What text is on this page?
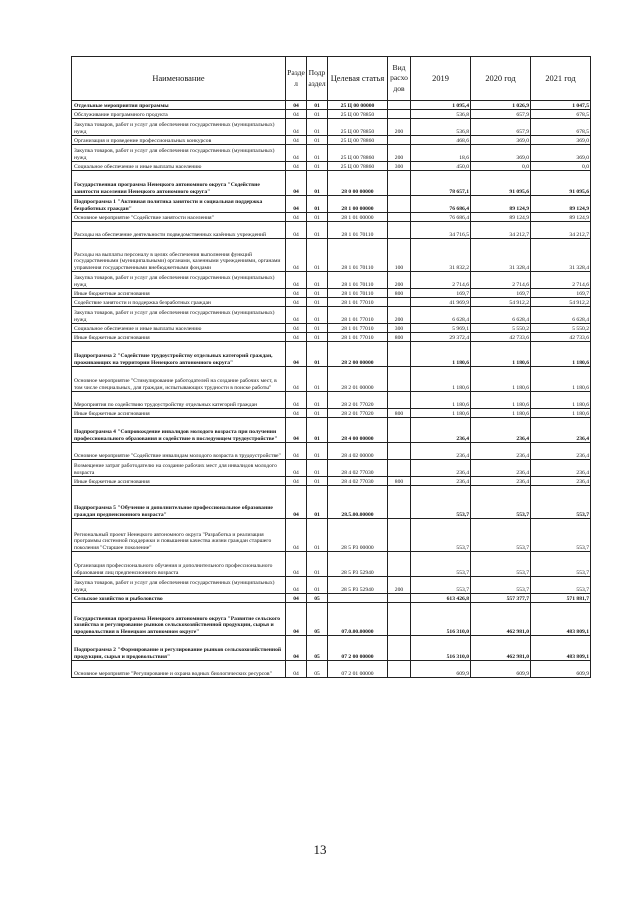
Наименование	Разде л	Подр аздел	Целевая статья	Вид расхо дов	2019	2020 год	2021 год
Отдельные мероприятия программы	04	01	25 Ц 00 00000		1 095,4	1 026,9	1 047,5
Обслуживание программного продукта	04	01	25 Ц 00 78850		536,8	657,9	678,5
Закупка товаров, работ и услуг для обеспечения государственных (муниципальных) нужд	04	01	25 Ц 00 78850	200	536,8	657,9	678,5
Организация и проведение профессиональных конкурсов	04	01	25 Ц 00 78860		468,6	369,0	369,0
Закупка товаров, работ и услуг для обеспечения государственных (муниципальных) нужд	04	01	25 Ц 00 78860	200	18,6	369,0	369,0
Социальное обеспечение и иные выплаты населению	04	01	25 Ц 00 78860	300	450,0	0,0	0,0
Государственная программа Ненецкого автономного округа "Содействие занятости населения Ненецкого автономного округа"	04	01	28 0 00 00000		78 657,1	91 095,6	91 095,6
Подпрограмма 1 "Активная политика занятости и социальная поддержка безработных граждан"	04	01	28 1 00 00000		76 686,4	89 124,9	89 124,9
Основное мероприятие "Содействие занятости населения"	04	01	28 1 01 00000		76 686,4	89 124,9	89 124,9
Расходы на обеспечение деятельности подведомственных казённых учреждений	04	01	28 1 01 70110		34 716,5	34 212,7	34 212,7
Расходы на выплаты персоналу в целях обеспечения выполнения функций государственными (муниципальными) органами, казенными учреждениями, органами управления государственными внебюджетными фондами	04	01	28 1 01 70110	100	31 832,2	31 328,4	31 328,4
Закупка товаров, работ и услуг для обеспечения государственных (муниципальных) нужд	04	01	28 1 01 70110	200	2 714,6	2 714,6	2 714,6
Иные бюджетные ассигнования	04	01	28 1 01 70110	800	169,7	169,7	169,7
Содействие занятости и поддержка безработных граждан	04	01	28 1 01 77010		41 969,9	54 912,2	54 912,2
Закупка товаров, работ и услуг для обеспечения государственных (муниципальных) нужд	04	01	28 1 01 77010	200	6 628,4	6 628,4	6 628,4
Социальное обеспечение и иные выплаты населению	04	01	28 1 01 77010	300	5 969,1	5 550,2	5 550,2
Иные бюджетные ассигнования	04	01	28 1 01 77010	800	29 372,4	42 733,6	42 733,6
Подпрограмма 2 "Содействие трудоустройству отдельных категорий граждан, проживающих на территории Ненецкого автономного округа"	04	01	28 2 00 00000		1 180,6	1 180,6	1 180,6
Основное мероприятие "Стимулирование работодателей на создание рабочих мест, в том числе специальных, для граждан, испытывающих трудности в поиске работы"	04	01	28 2 01 00000		1 180,6	1 180,6	1 180,6
Мероприятия по содействию трудоустройству отдельных категорий граждан	04	01	28 2 01 77020		1 180,6	1 180,6	1 180,6
Иные бюджетные ассигнования	04	01	28 2 01 77020	800	1 180,6	1 180,6	1 180,6
Подпрограмма 4 "Сопровождение инвалидов молодого возраста при получении профессионального образования и содействие в последующем трудоустройстве"	04	01	28 4 00 00000		236,4	236,4	236,4
Основное мероприятие "Содействие инвалидам молодого возраста в трудоустройстве"	04	01	28 4 02 00000		236,4	236,4	236,4
Возмещение затрат работодателю на создание рабочих мест для инвалидов молодого возраста	04	01	28 4 02 77030		236,4	236,4	236,4
Иные бюджетные ассигнования	04	01	28 4 02 77030	800	236,4	236,4	236,4
Подпрограмма 5 "Обучение и дополнительное профессиональное образование граждан предпенсионного возраста"	04	01	28.5.00.00000		553,7	553,7	553,7
Региональный проект Ненецкого автономного округа "Разработка и реализация программы системной поддержки и повышения качества жизни граждан старшего поколения "Старшее поколение"	04	01	28 5 P3 00000		553,7	553,7	553,7
Организация профессионального обучения и дополнительного профессионального образования лиц предпенсионного возраста	04	01	28 5 P3 52940		553,7	553,7	553,7
Закупка товаров, работ и услуг для обеспечения государственных (муниципальных) нужд	04	01	28 5 P3 52940	200	553,7	553,7	553,7
Сельское хозяйство и рыболовство	04	05			613 426,8	557 377,7	571 881,7
Государственная программа Ненецкого автономного округа "Развитие сельского хозяйства и регулирование рынков сельскохозяйственной продукции, сырья и продовольствия в Ненецком автономном округе"	04	05	07.0.00.00000		516 310,0	462 981,0	483 809,1
Подпрограмма 2 "Формирование и регулирование рынков сельскохозяйственной продукции, сырья и продовольствия"	04	05	07 2 00 00000		516 310,0	462 981,0	483 809,1
Основное мероприятие "Регулирование и охрана водных биологических ресурсов"	04	05	07 2 01 00000		609,9	609,9	609,9
13
